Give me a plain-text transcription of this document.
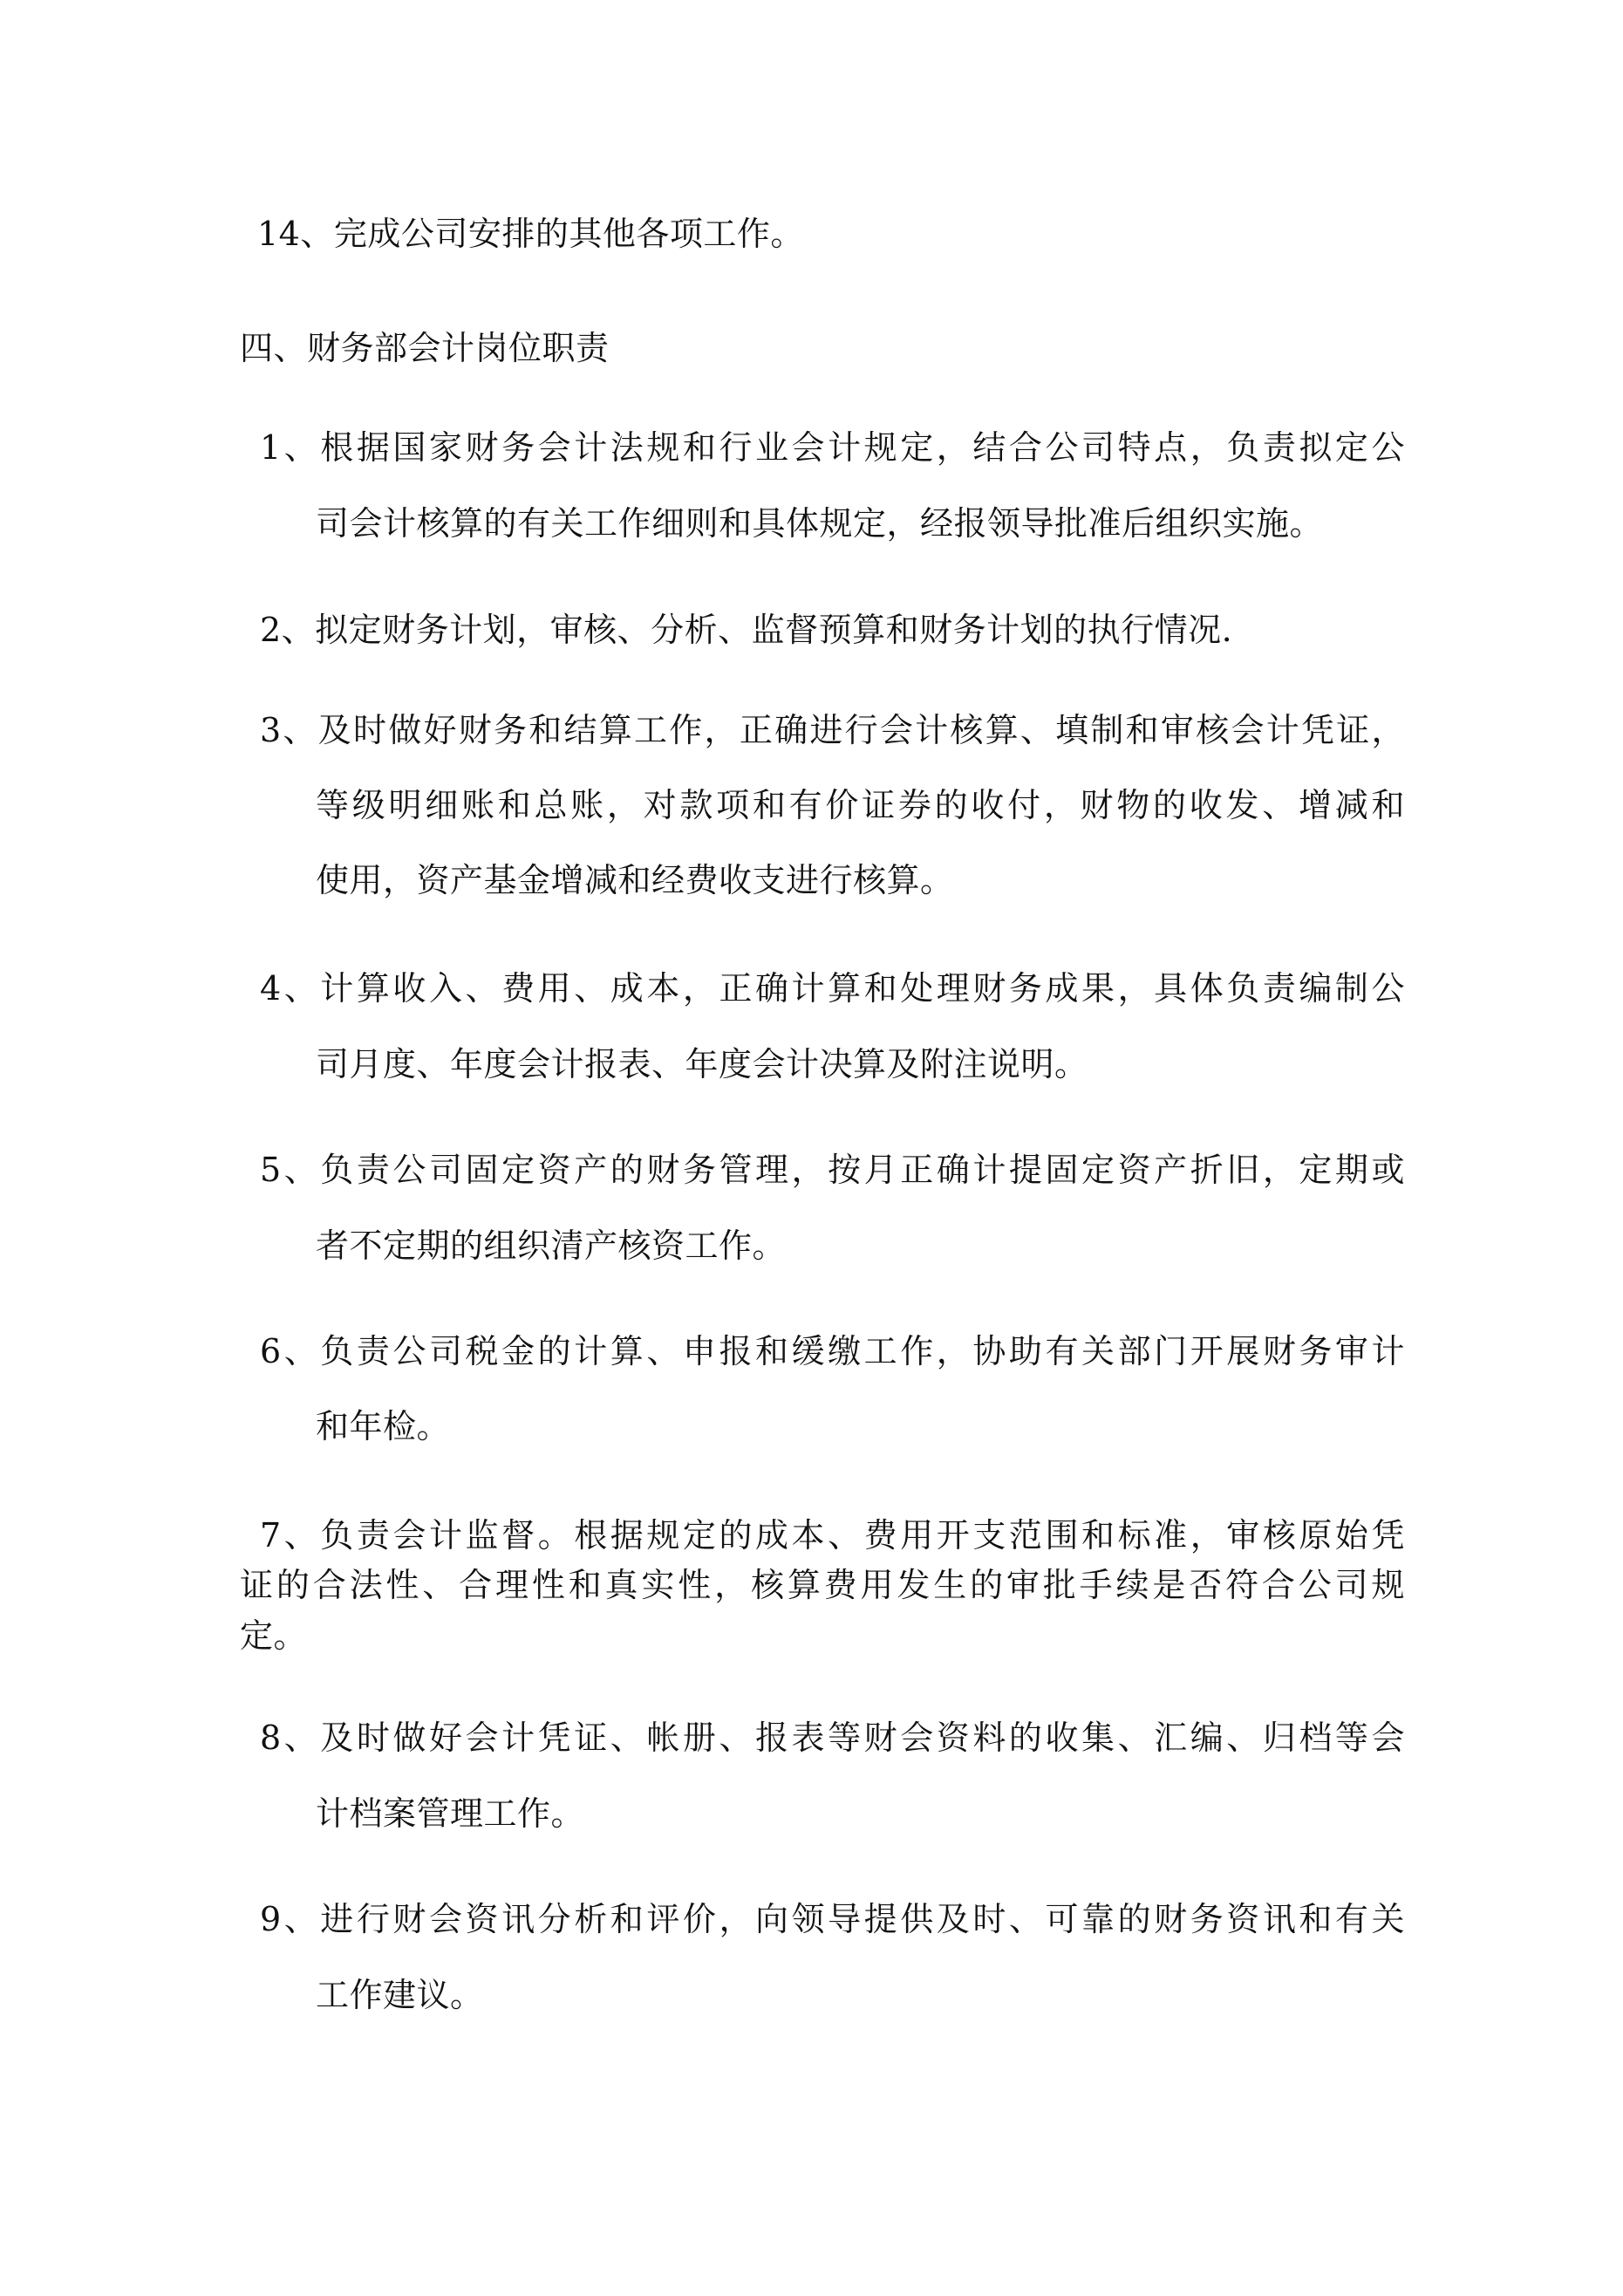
14、完成公司安排的其他各项工作。
四、财务部会计岗位职责
1、根据国家财务会计法规和行业会计规定，结合公司特点，负责拟定公
司会计核算的有关工作细则和具体规定，经报领导批准后组织实施。
2、拟定财务计划，审核、分析、监督预算和财务计划的执行情况.
3、及时做好财务和结算工作，正确进行会计核算、填制和审核会计凭证，
等级明细账和总账，对款项和有价证券的收付，财物的收发、增减和
使用，资产基金增减和经费收支进行核算。
4、计算收入、费用、成本，正确计算和处理财务成果，具体负责编制公
司月度、年度会计报表、年度会计决算及附注说明。
5、负责公司固定资产的财务管理，按月正确计提固定资产折旧，定期或
者不定期的组织清产核资工作。
6、负责公司税金的计算、申报和缓缴工作，协助有关部门开展财务审计
和年检。
7、负责会计监督。根据规定的成本、费用开支范围和标准，审核原始凭
证的合法性、合理性和真实性，核算费用发生的审批手续是否符合公司规
定。
8、及时做好会计凭证、帐册、报表等财会资料的收集、汇编、归档等会
计档案管理工作。
9、进行财会资讯分析和评价，向领导提供及时、可靠的财务资讯和有关
工作建议。
